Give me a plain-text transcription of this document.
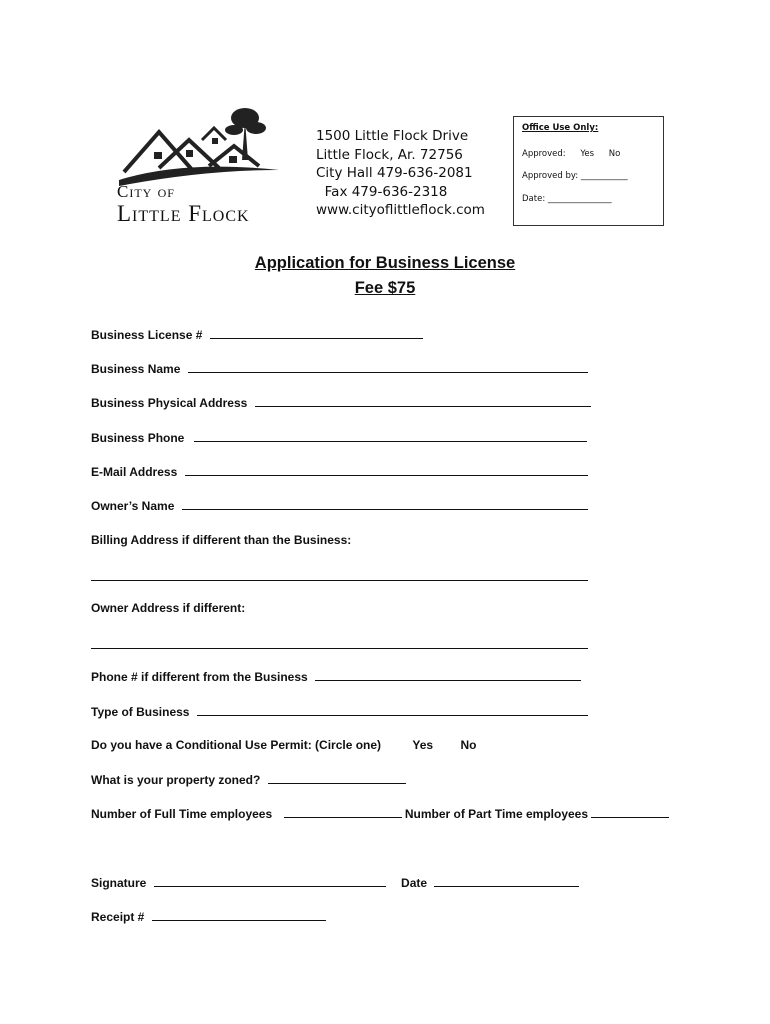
City of
Little Flock
1500 Little Flock Drive
Little Flock, Ar. 72756
City Hall 479-636-2081
Fax 479-636-2318
www.cityoflittleflock.com
Office Use Only:
Approved: Yes No
Approved by: ___________
Date: _______________
Application for Business License
Fee $75
Business License #
Business Name
Business Physical Address
Business Phone
E-Mail Address
Owner’s Name
Billing Address if different than the Business:
Owner Address if different:
Phone # if different from the Business
Type of Business
Do you have a Conditional Use Permit: (Circle one)	Yes No
What is your property zoned?
Number of Full Time employees	Number of Part Time employees
Signature	Date
Receipt #
